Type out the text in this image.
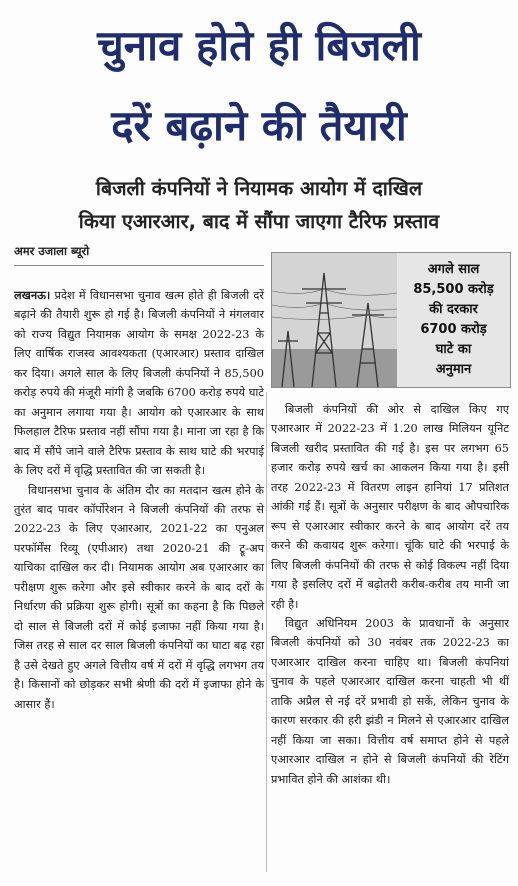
चुनाव होते ही बिजली
दरें बढ़ाने की तैयारी
बिजली कंपनियों ने नियामक आयोग में दाखिल
किया एआरआर, बाद में सौंपा जाएगा टैरिफ प्रस्ताव
अमर उजाला ब्यूरो
अगले साल
85,500 करोड़
की दरकार
6700 करोड़
घाटे का
अनुमान

लखनऊ। प्रदेश में विधानसभा चुनाव खत्म होते ही बिजली दरें बढ़ाने की तैयारी शुरू हो गई है। बिजली कंपनियों ने मंगलवार को राज्य विद्युत नियामक आयोग के समक्ष 2022-23 के लिए वार्षिक राजस्व आवश्यकता (एआरआर) प्रस्ताव दाखिल कर दिया। अगले साल के लिए बिजली कंपनियों ने 85,500 करोड़ रुपये की मंजूरी मांगी है जबकि 6700 करोड़ रुपये घाटे का अनुमान लगाया गया है। आयोग को एआरआर के साथ फिलहाल टैरिफ प्रस्ताव नहीं सौंपा गया है। माना जा रहा है कि बाद में सौंपे जाने वाले टैरिफ प्रस्ताव के साथ घाटे की भरपाई के लिए दरों में वृद्धि प्रस्तावित की जा सकती है।

विधानसभा चुनाव के अंतिम दौर का मतदान खत्म होने के तुरंत बाद पावर कॉर्पोरेशन ने बिजली कंपनियों की तरफ से 2022-23 के लिए एआरआर, 2021-22 का एनुअल परफॉर्मेंस रिव्यू (एपीआर) तथा 2020-21 की ट्रू-अप याचिका दाखिल कर दी। नियामक आयोग अब एआरआर का परीक्षण शुरू करेगा और इसे स्वीकार करने के बाद दरों के निर्धारण की प्रक्रिया शुरू होगी। सूत्रों का कहना है कि पिछले दो साल से बिजली दरों में कोई इजाफा नहीं किया गया है। जिस तरह से साल दर साल बिजली कंपनियों का घाटा बढ़ रहा है उसे देखते हुए अगले वित्तीय वर्ष में दरों में वृद्धि लगभग तय है। किसानों को छोड़कर सभी श्रेणी की दरों में इजाफा होने के आसार हैं।

बिजली कंपनियों की ओर से दाखिल किए गए एआरआर में 2022-23 में 1.20 लाख मिलियन यूनिट बिजली खरीद प्रस्तावित की गई है। इस पर लगभग 65 हजार करोड़ रुपये खर्च का आकलन किया गया है। इसी तरह 2022-23 में वितरण लाइन हानियां 17 प्रतिशत आंकी गई हैं। सूत्रों के अनुसार परीक्षण के बाद औपचारिक रूप से एआरआर स्वीकार करने के बाद आयोग दरें तय करने की कवायद शुरू करेगा। चूंकि घाटे की भरपाई के लिए बिजली कंपनियों की तरफ से कोई विकल्प नहीं दिया गया है इसलिए दरों में बढ़ोतरी करीब-करीब तय मानी जा रही है।

विद्युत अधिनियम 2003 के प्रावधानों के अनुसार बिजली कंपनियों को 30 नवंबर तक 2022-23 का एआरआर दाखिल करना चाहिए था। बिजली कंपनियां चुनाव के पहले एआरआर दाखिल करना चाहती भी थीं ताकि अप्रैल से नई दरें प्रभावी हो सकें, लेकिन चुनाव के कारण सरकार की हरी झंडी न मिलने से एआरआर दाखिल नहीं किया जा सका। वित्तीय वर्ष समाप्त होने से पहले एआरआर दाखिल न होने से बिजली कंपनियों की रेटिंग प्रभावित होने की आशंका थी।
